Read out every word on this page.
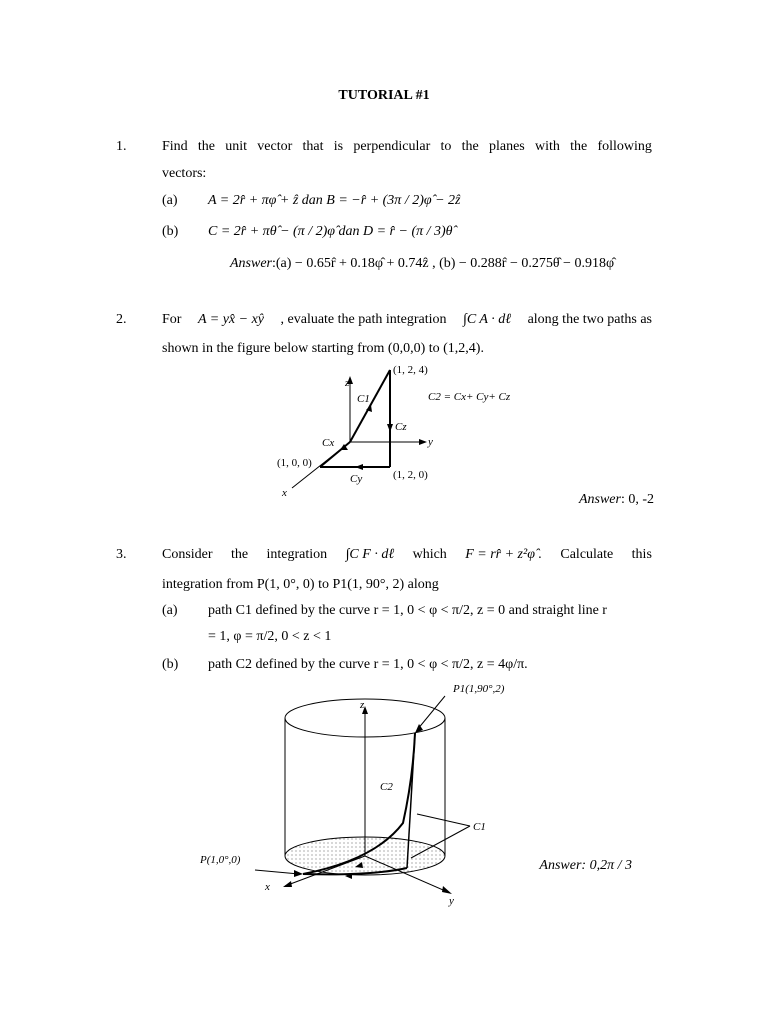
TUTORIAL #1
1.	Find the unit vector that is perpendicular to the planes with the following
vectors:
(a) A = 2r̂ + πφ̂ + ẑ dan B = −r̂ + (3π / 2)φ̂ − 2ẑ
(b) C = 2r̂ + πθ̂ − (π / 2)φ̂ dan D = r̂ − (π / 3)θ̂
Answer:(a) − 0.65r̂ + 0.18φ̂ + 0.74ẑ , (b) − 0.288r̂ − 0.275θ̂ − 0.918φ̂
2.	For A = yx̂ − xŷ , evaluate the path integration ∫C A · dℓ along the two paths as
shown in the figure below starting from (0,0,0) to (1,2,4).
(1, 2, 4)
(1, 0, 0)
(1, 2, 0)
z
y
x
C1
Cx
Cy
Cz
C2 = Cx+ Cy+ Cz
Answer: 0, -2
3.	Consider the integration ∫C F · dℓ which F = rr̂ + z²φ̂ . Calculate this
integration from P(1, 0°, 0) to P1(1, 90°, 2) along
(a) path C1 defined by the curve r = 1, 0 < φ < π/2, z = 0 and straight line r
= 1, φ = π/2, 0 < z < 1
(b) path C2 defined by the curve r = 1, 0 < φ < π/2, z = 4φ/π.
P1(1,90°,2)
P(1,0°,0)
z
x
y
C1
C2
Answer: 0,2π / 3
